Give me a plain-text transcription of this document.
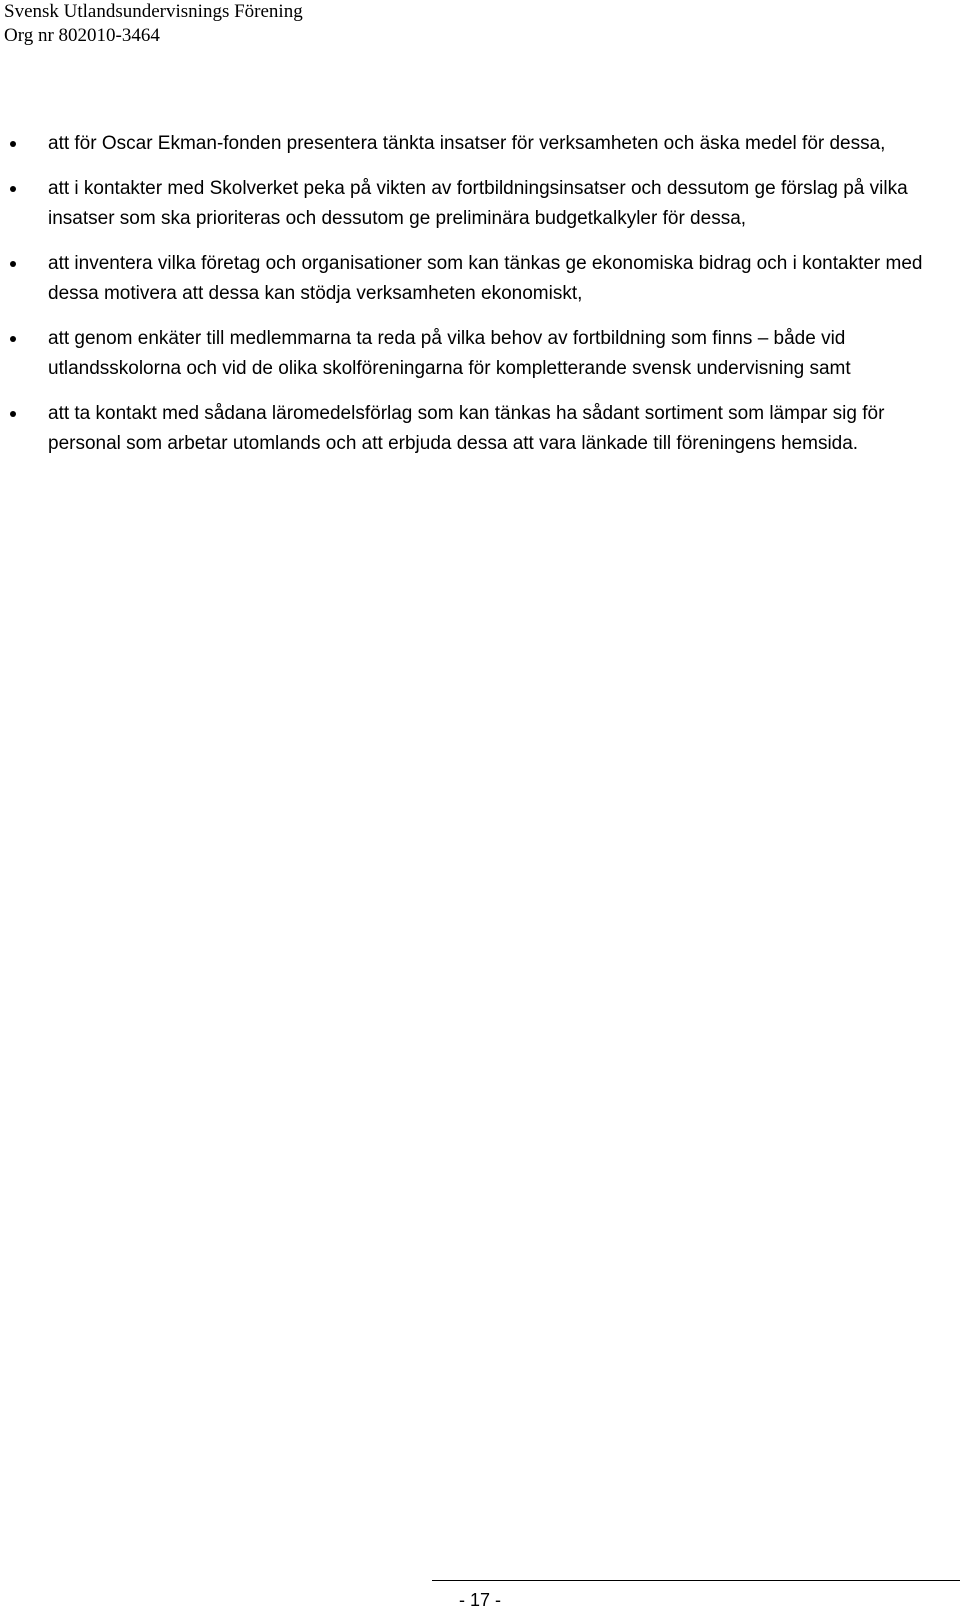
Svensk Utlandsundervisnings Förening
Org nr 802010-3464
att för Oscar Ekman-fonden presentera tänkta insatser för verksamheten och äska medel för dessa,
att i kontakter med Skolverket peka på vikten av fortbildningsinsatser och dessutom ge förslag på vilka insatser som ska prioriteras och dessutom ge preliminära budgetkalkyler för dessa,
att inventera vilka företag och organisationer som kan tänkas ge ekonomiska bidrag och i kontakter med dessa motivera att dessa kan stödja verksamheten ekonomiskt,
att genom enkäter till medlemmarna ta reda på vilka behov av fortbildning som finns – både vid utlandsskolorna och vid de olika skolföreningarna för kompletterande svensk undervisning samt
att ta kontakt med sådana läromedelsförlag som kan tänkas ha sådant sortiment som lämpar sig för personal som arbetar utomlands och att erbjuda dessa att vara länkade till föreningens hemsida.
- 17 -
